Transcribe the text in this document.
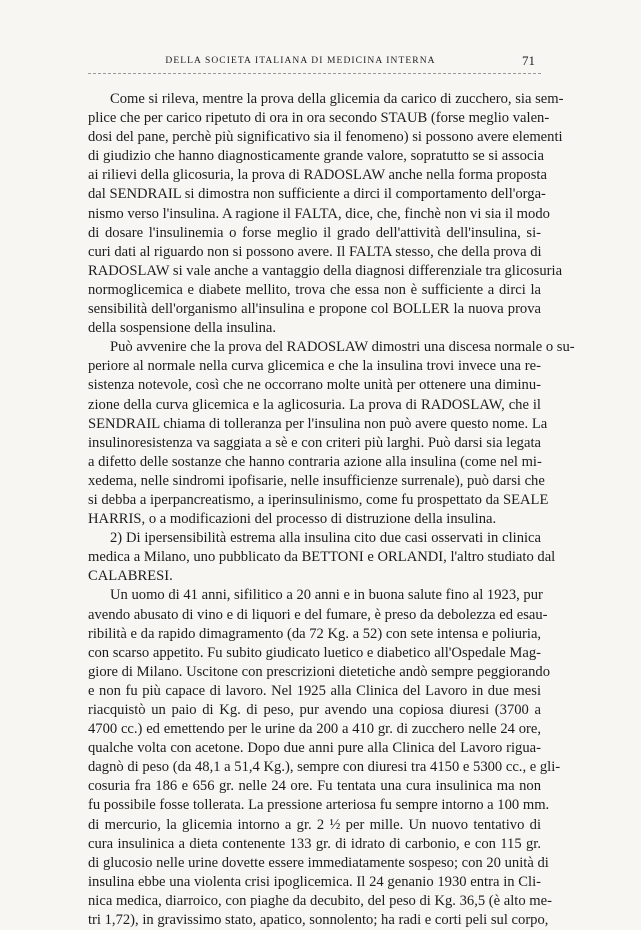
DELLA SOCIETA ITALIANA DI MEDICINA INTERNA	71
Come si rileva, mentre la prova della glicemia da carico di zucchero, sia sem-
plice che per carico ripetuto di ora in ora secondo STAUB (forse meglio valen-
dosi del pane, perchè più significativo sia il fenomeno) si possono avere elementi
di giudizio che hanno diagnosticamente grande valore, sopratutto se si associa
ai rilievi della glicosuria, la prova di RADOSLAW anche nella forma proposta
dal SENDRAIL si dimostra non sufficiente a dirci il comportamento dell'orga-
nismo verso l'insulina. A ragione il FALTA, dice, che, finchè non vi sia il modo
di dosare l'insulinemia o forse meglio il grado dell'attività dell'insulina, si-
curi dati al riguardo non si possono avere. Il FALTA stesso, che della prova di
RADOSLAW si vale anche a vantaggio della diagnosi differenziale tra glicosuria
normoglicemica e diabete mellito, trova che essa non è sufficiente a dirci la
sensibilità dell'organismo all'insulina e propone col BOLLER la nuova prova
della sospensione della insulina.
Può avvenire che la prova del RADOSLAW dimostri una discesa normale o su-
periore al normale nella curva glicemica e che la insulina trovi invece una re-
sistenza notevole, così che ne occorrano molte unità per ottenere una diminu-
zione della curva glicemica e la aglicosuria. La prova di RADOSLAW, che il
SENDRAIL chiama di tolleranza per l'insulina non può avere questo nome. La
insulinoresistenza va saggiata a sè e con criteri più larghi. Può darsi sia legata
a difetto delle sostanze che hanno contraria azione alla insulina (come nel mi-
xedema, nelle sindromi ipofisarie, nelle insufficienze surrenale), può darsi che
si debba a iperpancreatismo, a iperinsulinismo, come fu prospettato da SEALE
HARRIS, o a modificazioni del processo di distruzione della insulina.
2) Di ipersensibilità estrema alla insulina cito due casi osservati in clinica
medica a Milano, uno pubblicato da BETTONI e ORLANDI, l'altro studiato dal
CALABRESI.
Un uomo di 41 anni, sifilitico a 20 anni e in buona salute fino al 1923, pur
avendo abusato di vino e di liquori e del fumare, è preso da debolezza ed esau-
ribilità e da rapido dimagramento (da 72 Kg. a 52) con sete intensa e poliuria,
con scarso appetito. Fu subito giudicato luetico e diabetico all'Ospedale Mag-
giore di Milano. Uscitone con prescrizioni dietetiche andò sempre peggiorando
e non fu più capace di lavoro. Nel 1925 alla Clinica del Lavoro in due mesi
riacquistò un paio di Kg. di peso, pur avendo una copiosa diuresi (3700 a
4700 cc.) ed emettendo per le urine da 200 a 410 gr. di zucchero nelle 24 ore,
qualche volta con acetone. Dopo due anni pure alla Clinica del Lavoro rigua-
dagnò di peso (da 48,1 a 51,4 Kg.), sempre con diuresi tra 4150 e 5300 cc., e gli-
cosuria fra 186 e 656 gr. nelle 24 ore. Fu tentata una cura insulinica ma non
fu possibile fosse tollerata. La pressione arteriosa fu sempre intorno a 100 mm.
di mercurio, la glicemia intorno a gr. 2 ½ per mille. Un nuovo tentativo di
cura insulinica a dieta contenente 133 gr. di idrato di carbonio, e con 115 gr.
di glucosio nelle urine dovette essere immediatamente sospeso; con 20 unità di
insulina ebbe una violenta crisi ipoglicemica. Il 24 genanio 1930 entra in Cli-
nica medica, diarroico, con piaghe da decubito, del peso di Kg. 36,5 (è alto me-
tri 1,72), in gravissimo stato, apatico, sonnolento; ha radi e corti peli sul corpo,
